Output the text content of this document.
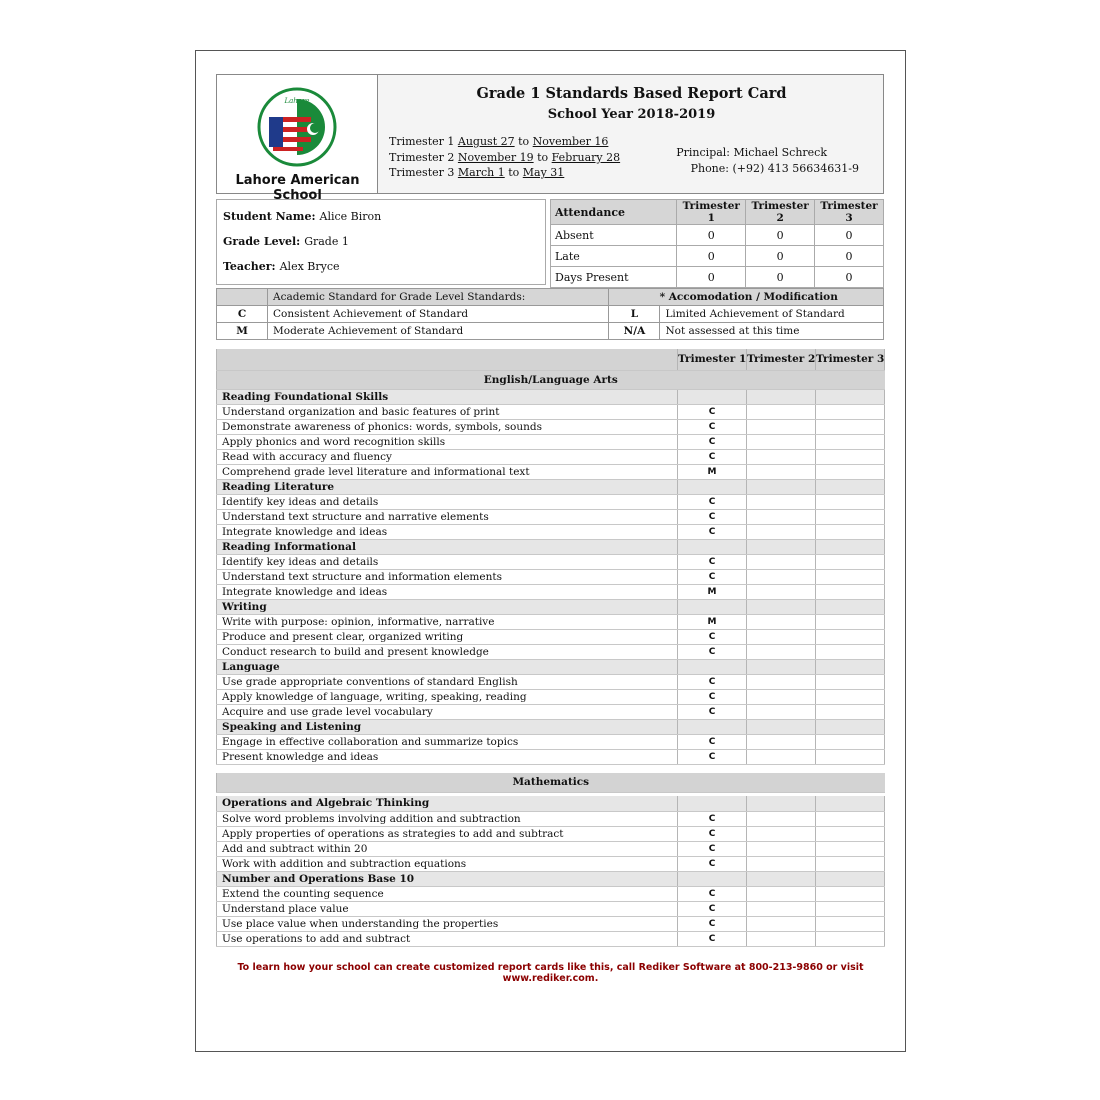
Lahore
Lahore American School
Grade 1 Standards Based Report Card
School Year 2018-2019
Trimester 1 August 27 to November 16
Trimester 2 November 19 to February 28
Trimester 3 March 1 to May 31
Principal: Michael Schreck
Phone: (+92) 413 56634631-9
Student Name: Alice Biron
Grade Level: Grade 1
Teacher: Alex Bryce
Attendance	Trimester 1	Trimester 2	Trimester 3
Absent	0	0	0
Late	0	0	0
Days Present	0	0	0
	Academic Standard for Grade Level Standards:	* Accomodation / Modification	
C	Consistent Achievement of Standard	L	Limited Achievement of Standard
M	Moderate Achievement of Standard	N/A	Not assessed at this time
	Trimester 1	Trimester 2	Trimester 3
English/Language Arts			
Reading Foundational Skills			
Understand organization and basic features of print	C		
Demonstrate awareness of phonics: words, symbols, sounds	C		
Apply phonics and word recognition skills	C		
Read with accuracy and fluency	C		
Comprehend grade level literature and informational text	M		
Reading Literature			
Identify key ideas and details	C		
Understand text structure and narrative elements	C		
Integrate knowledge and ideas	C		
Reading Informational			
Identify key ideas and details	C		
Understand text structure and information elements	C		
Integrate knowledge and ideas	M		
Writing			
Write with purpose: opinion, informative, narrative	M		
Produce and present clear, organized writing	C		
Conduct research to build and present knowledge	C		
Language			
Use grade appropriate conventions of standard English	C		
Apply knowledge of language, writing, speaking, reading	C		
Acquire and use grade level vocabulary	C		
Speaking and Listening			
Engage in effective collaboration and summarize topics	C		
Present knowledge and ideas	C		
Mathematics			

Operations and Algebraic Thinking			
Solve word problems involving addition and subtraction	C		
Apply properties of operations as strategies to add and subtract	C		
Add and subtract within 20	C		
Work with addition and subtraction equations	C		
Number and Operations Base 10			
Extend the counting sequence	C		
Understand place value	C		
Use place value when understanding the properties	C		
Use operations to add and subtract	C		
To learn how your school can create customized report cards like this, call Rediker Software at 800-213-9860 or visit www.rediker.com.
